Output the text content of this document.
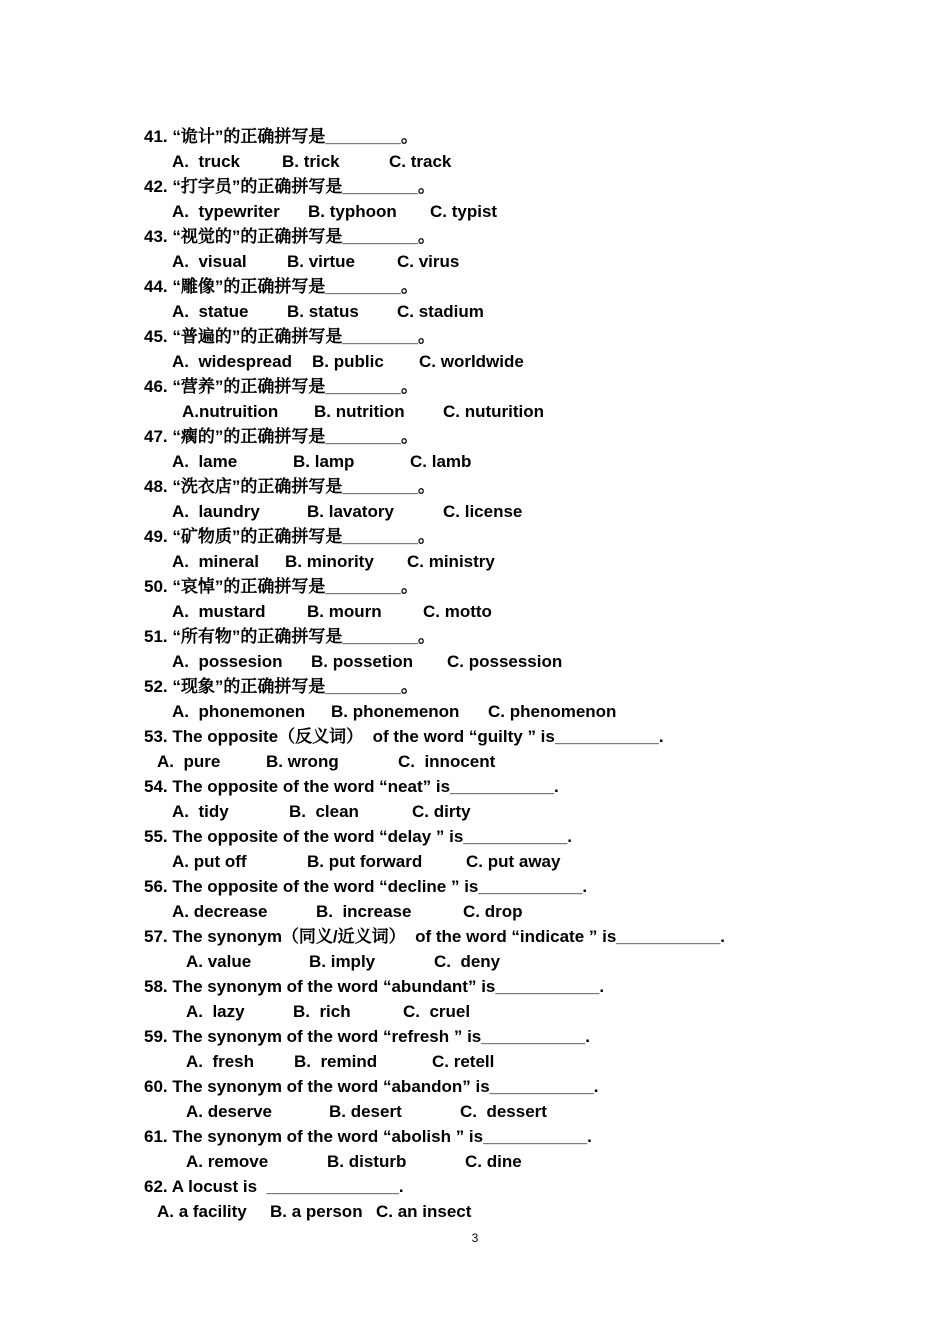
41. “诡计”的正确拼写是________。

A.  truck

B. trick

	C. track

42. “打字员”的正确拼写是________。

A.  typewriter

B. typhoon

C. typist

43. “视觉的”的正确拼写是________。

A.  visual

B. virtue

C. virus

44. “雕像”的正确拼写是________。

A.  statue

B. status

C. stadium

45. “普遍的”的正确拼写是________。

A.  widespread

B. public

C. worldwide

46. “营养”的正确拼写是________。

A.nutruition

B. nutrition

C. nuturition

47. “瘸的”的正确拼写是________。

A.  lame

	B. lamp

	C. lamb

48. “洗衣店”的正确拼写是________。

A.  laundry

	B. lavatory

	C. license

49. “矿物质”的正确拼写是________。

A.  mineral

B. minority

C. ministry

50. “哀悼”的正确拼写是________。

A.  mustard

B. mourn

C. motto

51. “所有物”的正确拼写是________。

A.  possesion

B. possetion

C. possession

52. “现象”的正确拼写是________。

A.  phonemonen

B. phonemenon

C. phenomenon

53. The opposite（反义词）  of the word “guilty ” is___________.

A.  pure

	B. wrong

	C.  innocent

54. The opposite of the word “neat” is___________.

A.  tidy

	B.  clean

	C. dirty

55. The opposite of the word “delay ” is___________.

A. put off

	B. put forward

	C. put away

56. The opposite of the word “decline ” is___________.

A. decrease

	B.  increase

	C. drop

57. The synonym（同义/近义词）  of the word “indicate ” is___________.

A. value

	B. imply

	C.  deny

58. The synonym of the word “abundant” is___________.

A.  lazy

	B.  rich

	C.  cruel

59. The synonym of the word “refresh ” is___________.

A.  fresh

B.  remind

	C. retell

60. The synonym of the word “abandon” is___________.

A. deserve

	B. desert

	C.  dessert

61. The synonym of the word “abolish ” is___________.

A. remove

	B. disturb

	C. dine

62. A locust is  ______________.

A. a facility

B. a person

C. an insect

3
